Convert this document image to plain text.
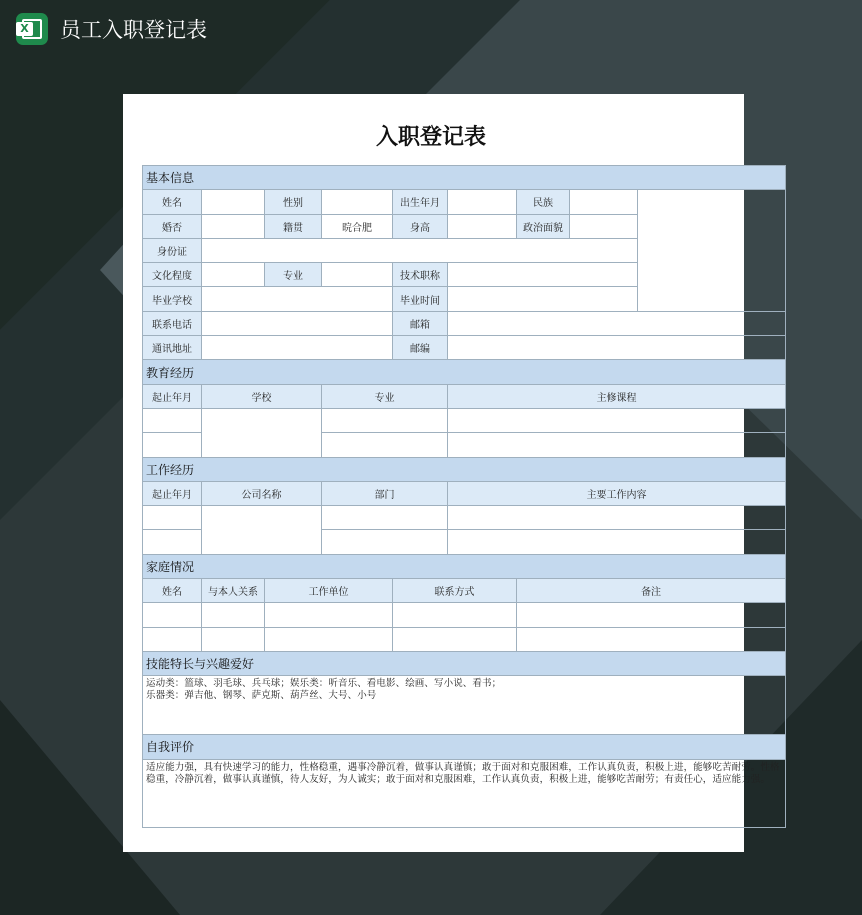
X 员工入职登记表
入职登记表
基本信息								
姓名		性别		出生年月		民族		
婚否		籍贯	晥合肥	身高		政治面貌		
身份证								
文化程度		专业		技术职称				
毕业学校				毕业时间				
联系电话				邮箱				
通讯地址				邮编				
教育经历								
起止年月	学校		专业		主修课程			

工作经历								
起止年月	公司名称		部门		主要工作内容			

家庭情况								
姓名	与本人关系	工作单位		联系方式		备注		

技能特长与兴趣爱好								

运动类：篮球、羽毛球、兵乓球；娱乐类：听音乐、看电影、绘画、写小说、看书；
乐器类：弹吉他、钢琴、萨克斯、葫芦丝、大号、小号								

自我评价								
适应能力强，具有快速学习的能力，性格稳重，遇事冷静沉着，做事认真谨慎；敢于面对和克服困难，工作认真负责，积极上进，能够吃苦耐劳。性格稳重，冷静沉着，做事认真谨慎，待人友好，为人诚实；敢于面对和克服困难，工作认真负责，积极上进，能够吃苦耐劳；有责任心，适应能力强。								
